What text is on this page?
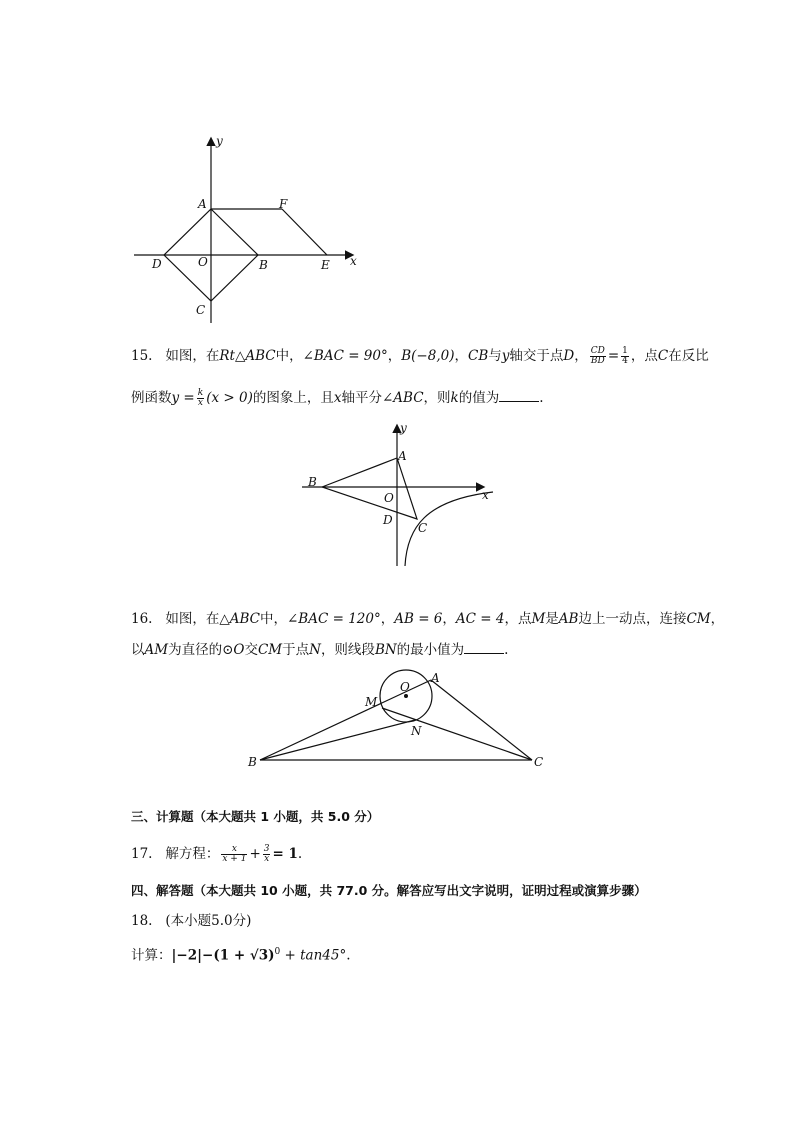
y
x
A	F
D	O	B	E
C
15. 如图，在Rt△ABC中，∠BAC = 90°，B(−8,0)，CB与y轴交于点D， $\frac{CD}{BD} = \frac{1}{4}$ ，点C在反比
例函数$y = \frac{k}{x} (x > 0)$的图象上，且x轴平分∠ABC，则k的值为	.
y
A
B
O	x
D
C
16. 如图，在△ABC中，∠BAC = 120°，AB = 6，AC = 4，点M是AB边上一动点，连接CM，
以AM为直径的⊙O交CM于点N，则线段BN的最小值为	.
O
A
M
N
B	C
三、计算题（本大题共 1 小题，共 5.0 分）
17. 解方程： $\frac{x}{x + 1} + \frac{3}{x} = 1$.
四、解答题（本大题共 10 小题，共 77.0 分。解答应写出文字说明，证明过程或演算步骤）
18. (本小题5.0分)
计算：$|-2|-(1 + √3)^0 + \tan 45^\circ$.
